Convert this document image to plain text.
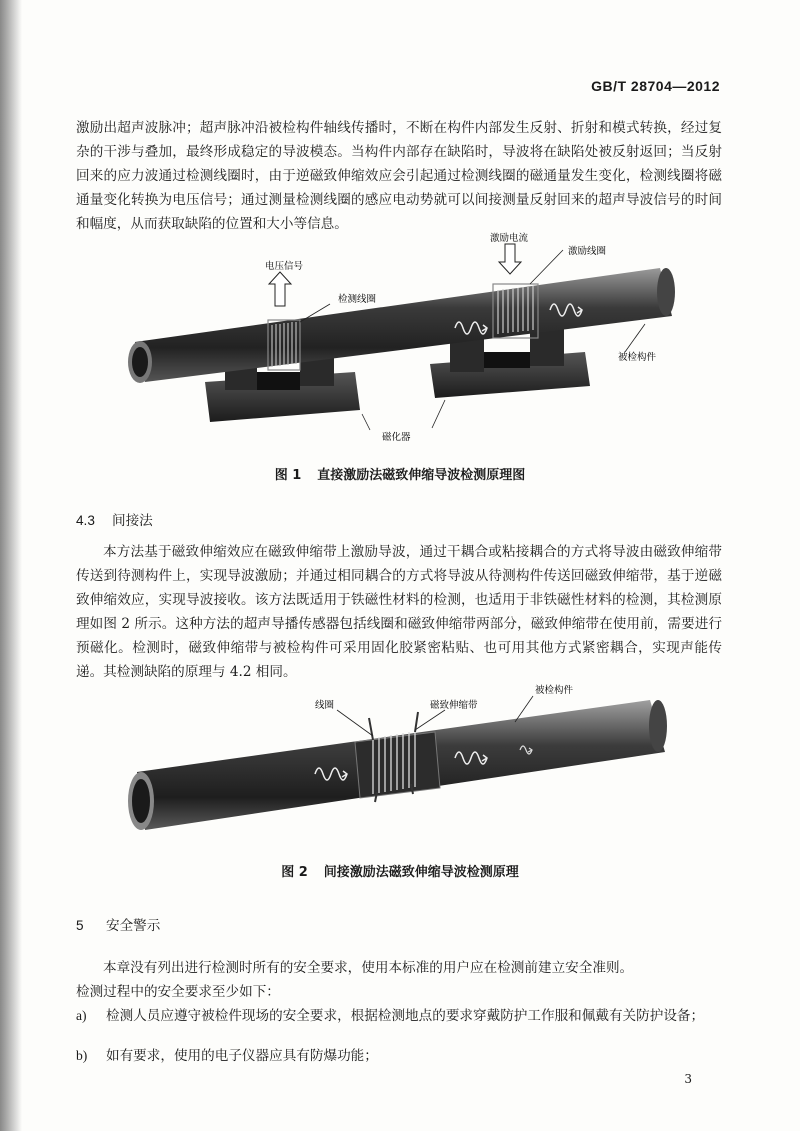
GB/T 28704—2012

激励出超声波脉冲；超声脉冲沿被检构件轴线传播时，不断在构件内部发生反射、折射和模式转换，经过复杂的干涉与叠加，最终形成稳定的导波模态。当构件内部存在缺陷时，导波将在缺陷处被反射返回；当反射回来的应力波通过检测线圈时，由于逆磁致伸缩效应会引起通过检测线圈的磁通量发生变化，检测线圈将磁通量变化转换为电压信号；通过测量检测线圈的感应电动势就可以间接测量反射回来的超声导波信号的时间和幅度，从而获取缺陷的位置和大小等信息。

电压信号
检测线圈
激励电流
激励线圈
被检构件
磁化器
图 1 直接激励法磁致伸缩导波检测原理图
4.3 间接法

本方法基于磁致伸缩效应在磁致伸缩带上激励导波，通过干耦合或粘接耦合的方式将导波由磁致伸缩带传送到待测构件上，实现导波激励；并通过相同耦合的方式将导波从待测构件传送回磁致伸缩带，基于逆磁致伸缩效应，实现导波接收。该方法既适用于铁磁性材料的检测，也适用于非铁磁性材料的检测，其检测原理如图 2 所示。这种方法的超声导播传感器包括线圈和磁致伸缩带两部分，磁致伸缩带在使用前，需要进行预磁化。检测时，磁致伸缩带与被检构件可采用固化胶紧密粘贴、也可用其他方式紧密耦合，实现声能传递。其检测缺陷的原理与 4.2 相同。

线圈	磁致伸缩带
被检构件
图 2 间接激励法磁致伸缩导波检测原理
5 安全警示

本章没有列出进行检测时所有的安全要求，使用本标准的用户应在检测前建立安全准则。

检测过程中的安全要求至少如下：

a) 检测人员应遵守被检件现场的安全要求，根据检测地点的要求穿戴防护工作服和佩戴有关防护设备；
b) 如有要求，使用的电子仪器应具有防爆功能；
3
